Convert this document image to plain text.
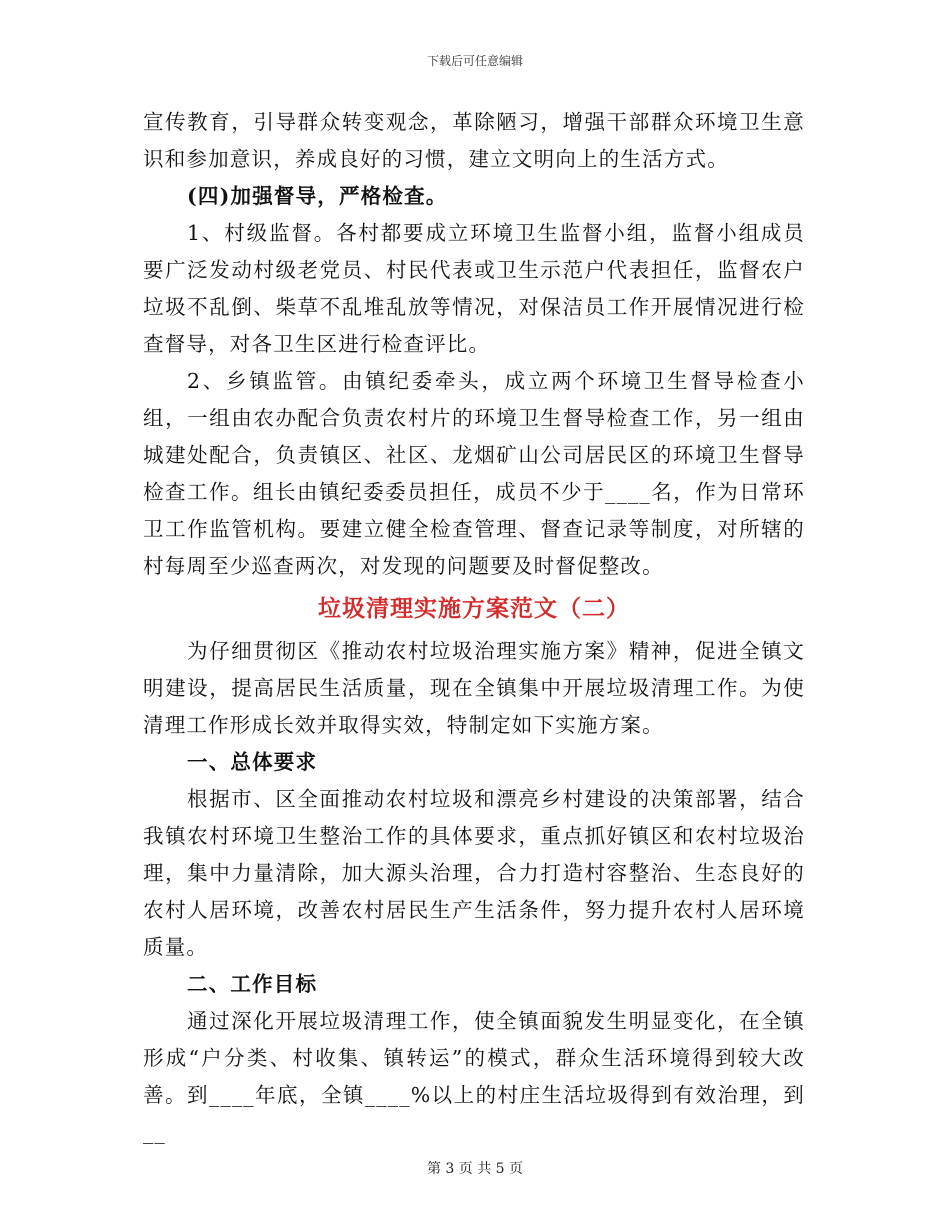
下载后可任意编辑

宣传教育，引导群众转变观念，革除陋习，增强干部群众环境卫生意识和参加意识，养成良好的习惯，建立文明向上的生活方式。

(四)加强督导，严格检查。

1、村级监督。各村都要成立环境卫生监督小组，监督小组成员要广泛发动村级老党员、村民代表或卫生示范户代表担任，监督农户垃圾不乱倒、柴草不乱堆乱放等情况，对保洁员工作开展情况进行检查督导，对各卫生区进行检查评比。

2、乡镇监管。由镇纪委牵头，成立两个环境卫生督导检查小组，一组由农办配合负责农村片的环境卫生督导检查工作，另一组由城建处配合，负责镇区、社区、龙烟矿山公司居民区的环境卫生督导检查工作。组长由镇纪委委员担任，成员不少于____名，作为日常环卫工作监管机构。要建立健全检查管理、督查记录等制度，对所辖的村每周至少巡查两次，对发现的问题要及时督促整改。

垃圾清理实施方案范文（二）

为仔细贯彻区《推动农村垃圾治理实施方案》精神，促进全镇文明建设，提高居民生活质量，现在全镇集中开展垃圾清理工作。为使清理工作形成长效并取得实效，特制定如下实施方案。

一、总体要求

根据市、区全面推动农村垃圾和漂亮乡村建设的决策部署，结合我镇农村环境卫生整治工作的具体要求，重点抓好镇区和农村垃圾治理，集中力量清除，加大源头治理，合力打造村容整治、生态良好的农村人居环境，改善农村居民生产生活条件，努力提升农村人居环境质量。

二、工作目标

通过深化开展垃圾清理工作，使全镇面貌发生明显变化，在全镇形成“户分类、村收集、镇转运”的模式，群众生活环境得到较大改善。到____年底，全镇____%以上的村庄生活垃圾得到有效治理，到__

第 3 页 共 5 页
